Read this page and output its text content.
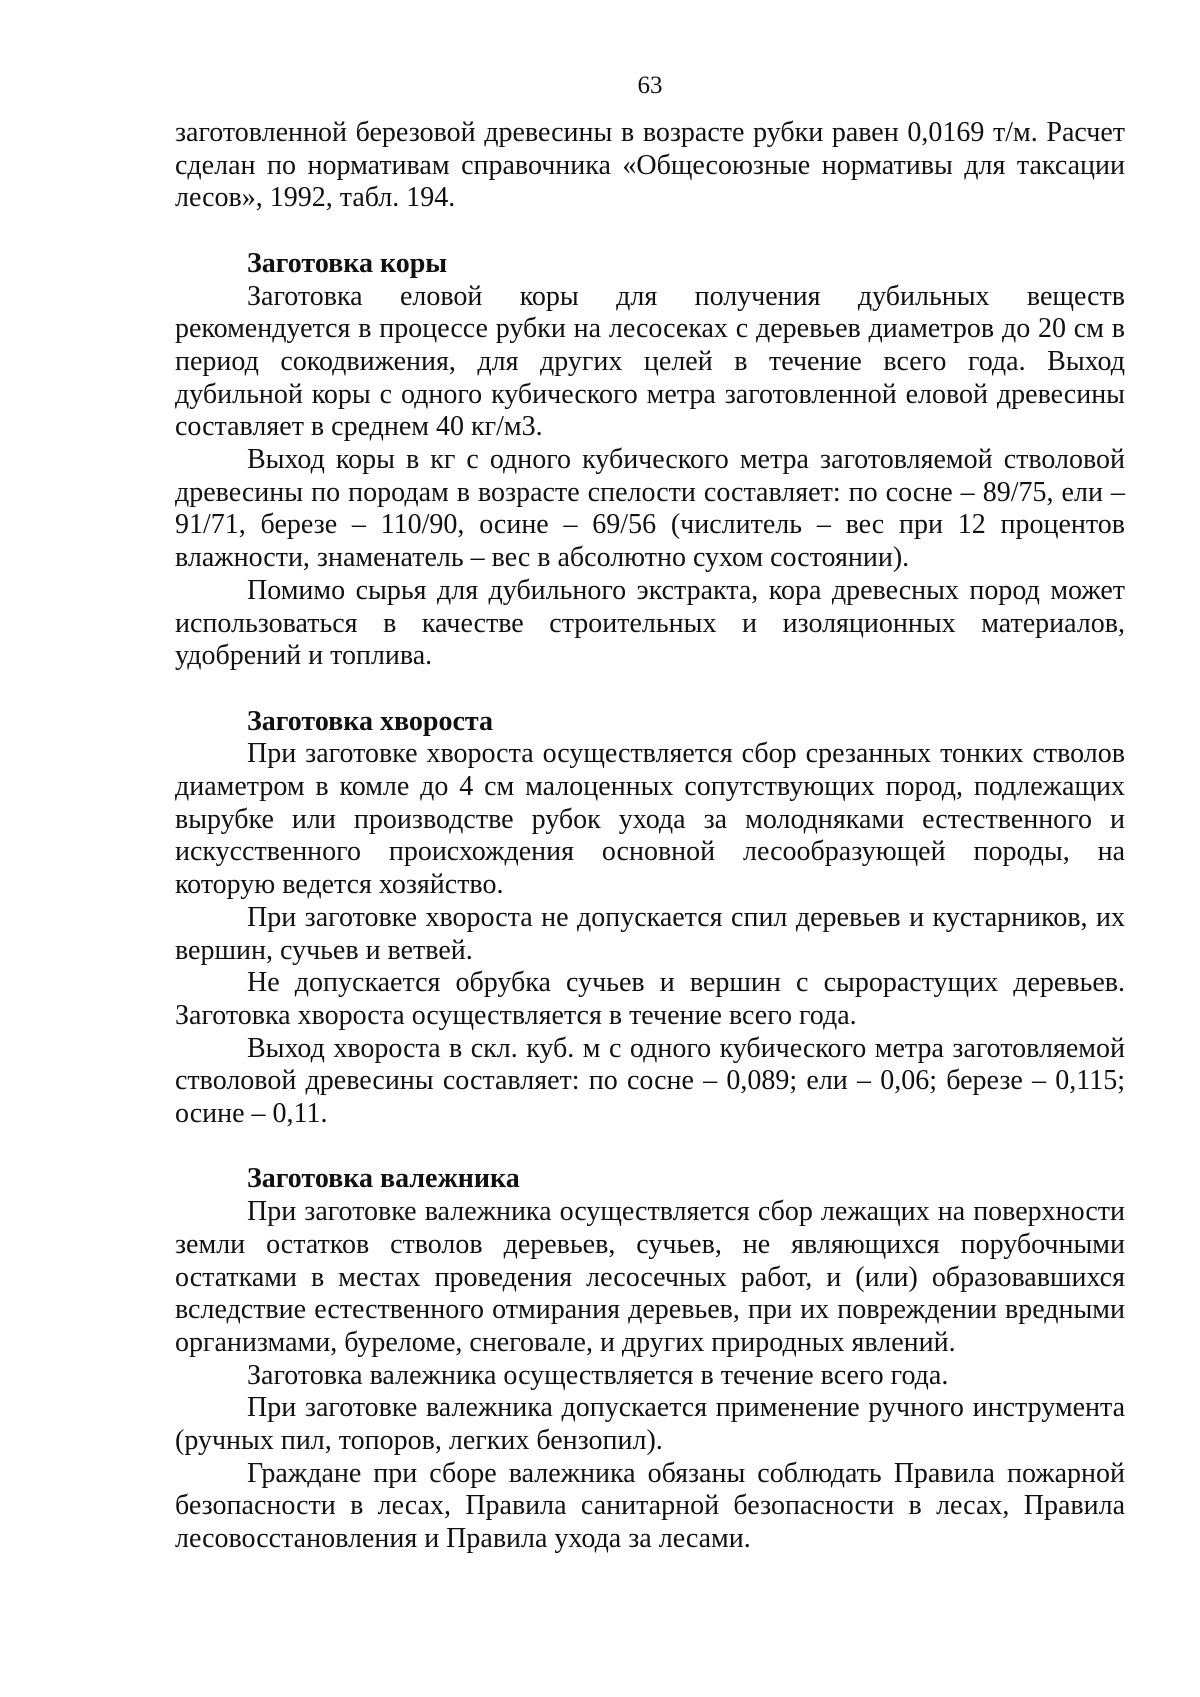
63

заготовленной березовой древесины в возрасте рубки равен 0,0169 т/м. Расчет сделан по нормативам справочника «Общесоюзные нормативы для таксации лесов», 1992, табл. 194.

Заготовка коры

Заготовка еловой коры для получения дубильных веществ рекомендуется в процессе рубки на лесосеках с деревьев диаметров до 20 см в период сокодвижения, для других целей в течение всего года. Выход дубильной коры с одного кубического метра заготовленной еловой древесины составляет в среднем 40 кг/м3.

Выход коры в кг с одного кубического метра заготовляемой стволовой древесины по породам в возрасте спелости составляет: по сосне – 89/75, ели – 91/71, березе – 110/90, осине – 69/56 (числитель – вес при 12 процентов влажности, знаменатель – вес в абсолютно сухом состоянии).

Помимо сырья для дубильного экстракта, кора древесных пород может использоваться в качестве строительных и изоляционных материалов, удобрений и топлива.

Заготовка хвороста

При заготовке хвороста осуществляется сбор срезанных тонких стволов диаметром в комле до 4 см малоценных сопутствующих пород, подлежащих вырубке или производстве рубок ухода за молодняками естественного и искусственного происхождения основной лесообразующей породы, на которую ведется хозяйство.

При заготовке хвороста не допускается спил деревьев и кустарников, их вершин, сучьев и ветвей.

Не допускается обрубка сучьев и вершин с сырорастущих деревьев. Заготовка хвороста осуществляется в течение всего года.

Выход хвороста в скл. куб. м с одного кубического метра заготовляемой стволовой древесины составляет: по сосне – 0,089; ели – 0,06; березе – 0,115; осине – 0,11.

Заготовка валежника

При заготовке валежника осуществляется сбор лежащих на поверхности земли остатков стволов деревьев, сучьев, не являющихся порубочными остатками в местах проведения лесосечных работ, и (или) образовавшихся вследствие естественного отмирания деревьев, при их повреждении вредными организмами, буреломе, снеговале, и других природных явлений.

Заготовка валежника осуществляется в течение всего года.

При заготовке валежника допускается применение ручного инструмента (ручных пил, топоров, легких бензопил).

Граждане при сборе валежника обязаны соблюдать Правила пожарной безопасности в лесах, Правила санитарной безопасности в лесах, Правила лесовосстановления и Правила ухода за лесами.
